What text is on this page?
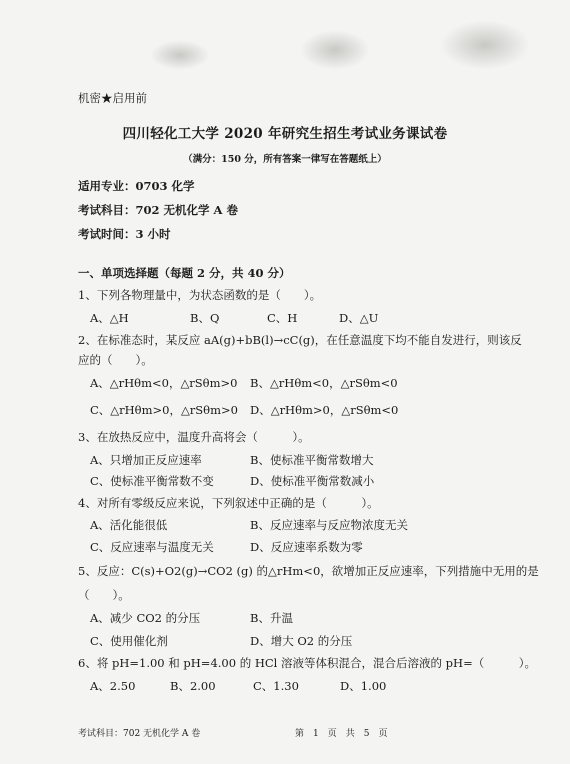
机密★启用前
四川轻化工大学 2020 年研究生招生考试业务课试卷
（满分：150 分，所有答案一律写在答题纸上）
适用专业：0703 化学
考试科目：702 无机化学 A 卷
考试时间：3 小时
一、单项选择题（每题 2 分，共 40 分）
1、下列各物理量中，为状态函数的是（　　）。
A、△H	B、Q	C、H	D、△U
2、在标准态时，某反应 aA(g)+bB(l)→cC(g)，在任意温度下均不能自发进行，则该反
应的（　　）。
A、△rHθm<0，△rSθm>0 B、△rHθm<0，△rSθm<0
C、△rHθm>0，△rSθm>0 D、△rHθm>0，△rSθm<0
3、在放热反应中，温度升高将会（　　　）。
A、只增加正反应速率	B、使标准平衡常数增大
C、使标准平衡常数不变	D、使标准平衡常数减小
4、对所有零级反应来说，下列叙述中正确的是（　　　）。
A、活化能很低	B、反应速率与反应物浓度无关
C、反应速率与温度无关	D、反应速率系数为零
5、反应：C(s)+O2(g)→CO2 (g) 的△rHm<0，欲增加正反应速率，下列措施中无用的是
（　　）。
A、减少 CO2 的分压	B、升温
C、使用催化剂	D、增大 O2 的分压
6、将 pH=1.00 和 pH=4.00 的 HCl 溶液等体积混合，混合后溶液的 pH=（　　　）。
A、2.50	B、2.00	C、1.30	D、1.00
考试科目：702 无机化学 A 卷	第　1　页　共　5　页
